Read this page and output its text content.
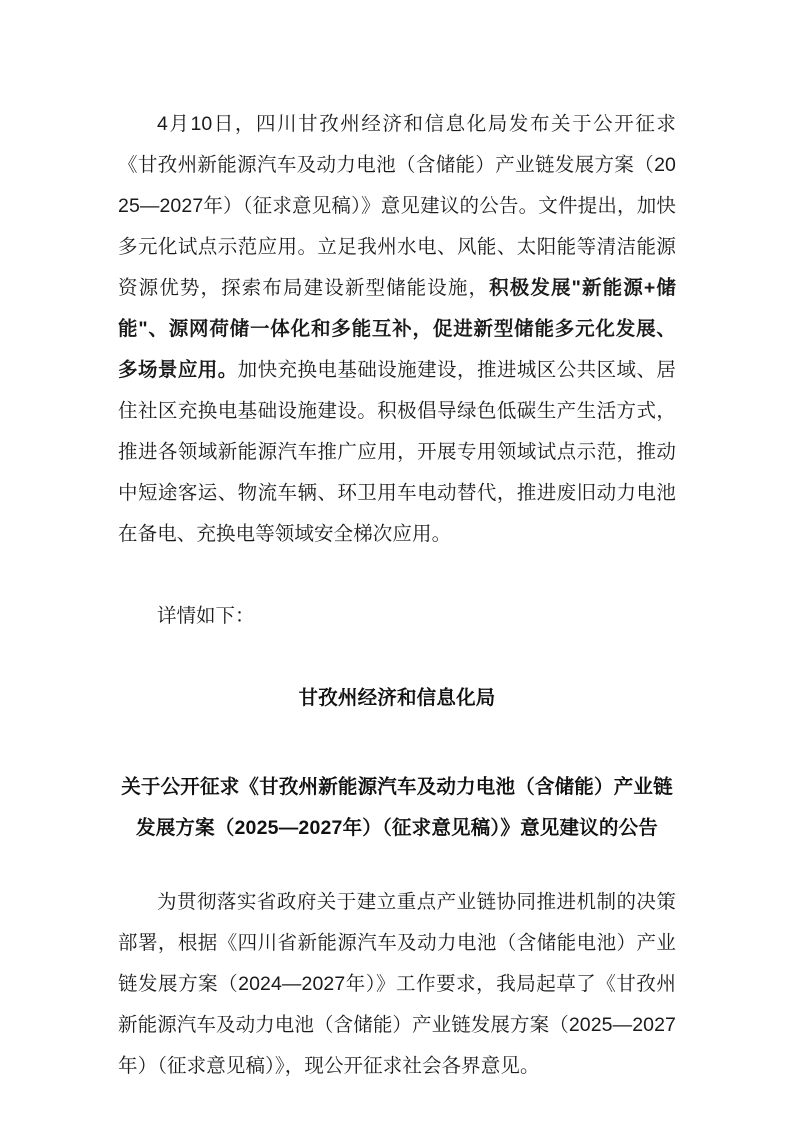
4月10日，四川甘孜州经济和信息化局发布关于公开征求《甘孜州新能源汽车及动力电池（含储能）产业链发展方案（2025—2027年）（征求意见稿）》意见建议的公告。文件提出，加快多元化试点示范应用。立足我州水电、风能、太阳能等清洁能源资源优势，探索布局建设新型储能设施，积极发展"新能源+储能"、源网荷储一体化和多能互补，促进新型储能多元化发展、多场景应用。加快充换电基础设施建设，推进城区公共区域、居住社区充换电基础设施建设。积极倡导绿色低碳生产生活方式，推进各领域新能源汽车推广应用，开展专用领域试点示范，推动中短途客运、物流车辆、环卫用车电动替代，推进废旧动力电池在备电、充换电等领域安全梯次应用。

详情如下：

甘孜州经济和信息化局
关于公开征求《甘孜州新能源汽车及动力电池（含储能）产业链
发展方案（2025—2027年）（征求意见稿）》意见建议的公告

为贯彻落实省政府关于建立重点产业链协同推进机制的决策部署，根据《四川省新能源汽车及动力电池（含储能电池）产业链发展方案（2024—2027年）》工作要求，我局起草了《甘孜州新能源汽车及动力电池（含储能）产业链发展方案（2025—2027年）（征求意见稿）》，现公开征求社会各界意见。
